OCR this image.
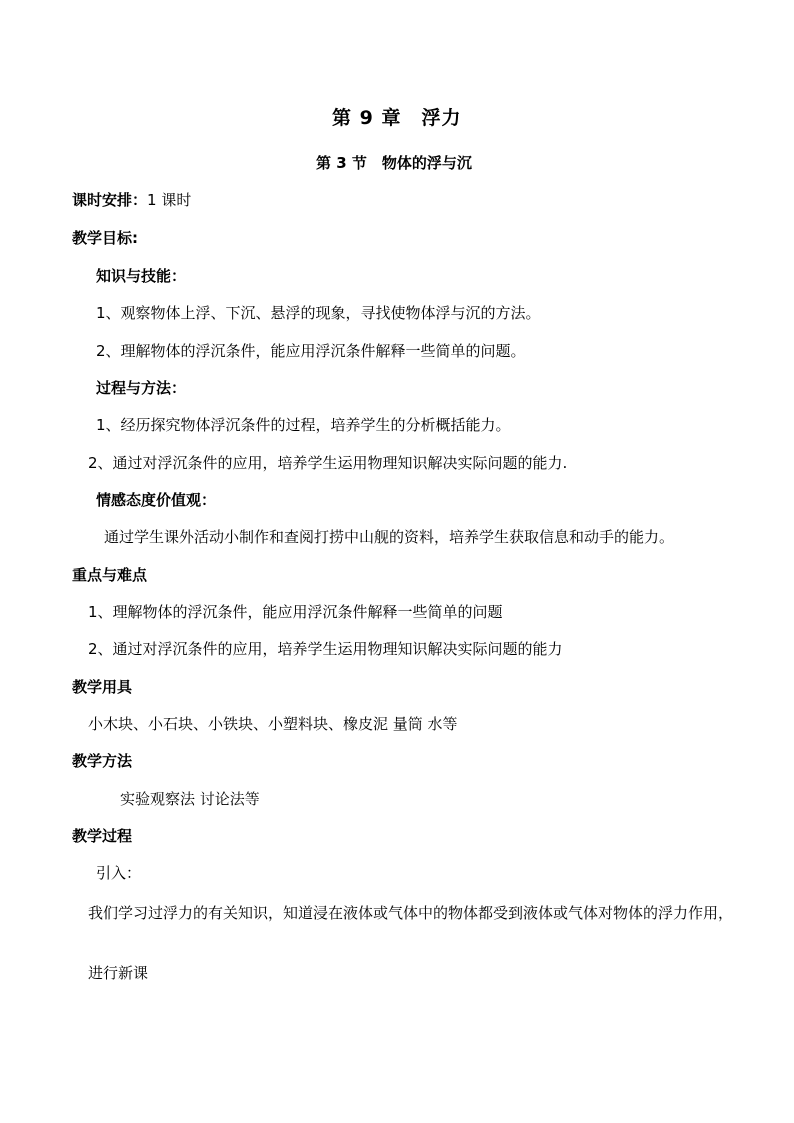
第 9 章　浮力
第 3 节　物体的浮与沉
课时安排：1 课时
教学目标:
知识与技能：
1、观察物体上浮、下沉、悬浮的现象，寻找使物体浮与沉的方法。
2、理解物体的浮沉条件，能应用浮沉条件解释一些简单的问题。
过程与方法：
1、经历探究物体浮沉条件的过程，培养学生的分析概括能力。
2、通过对浮沉条件的应用，培养学生运用物理知识解决实际问题的能力.
情感态度价值观：
通过学生课外活动小制作和查阅打捞中山舰的资料，培养学生获取信息和动手的能力。
重点与难点
1、理解物体的浮沉条件，能应用浮沉条件解释一些简单的问题
2、通过对浮沉条件的应用，培养学生运用物理知识解决实际问题的能力
教学用具
小木块、小石块、小铁块、小塑料块、橡皮泥 量筒 水等
教学方法
实验观察法 讨论法等
教学过程
引入：
我们学习过浮力的有关知识，知道浸在液体或气体中的物体都受到液体或气体对物体的浮力作用，
进行新课
